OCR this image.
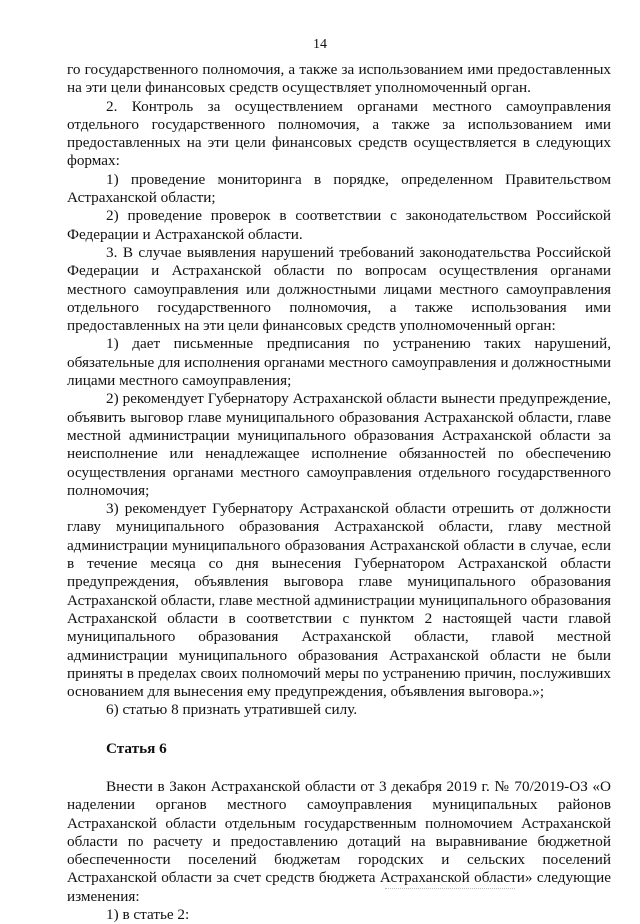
14

го государственного полномочия, а также за использованием ими предоставленных на эти цели финансовых средств осуществляет уполномоченный орган.

2. Контроль за осуществлением органами местного самоуправления отдельного государственного полномочия, а также за использованием ими предоставленных на эти цели финансовых средств осуществляется в следующих формах:

1) проведение мониторинга в порядке, определенном Правительством Астраханской области;

2) проведение проверок в соответствии с законодательством Российской Федерации и Астраханской области.

3. В случае выявления нарушений требований законодательства Российской Федерации и Астраханской области по вопросам осуществления органами местного самоуправления или должностными лицами местного самоуправления отдельного государственного полномочия, а также использования ими предоставленных на эти цели финансовых средств уполномоченный орган:

1) дает письменные предписания по устранению таких нарушений, обязательные для исполнения органами местного самоуправления и должностными лицами местного самоуправления;

2) рекомендует Губернатору Астраханской области вынести предупреждение, объявить выговор главе муниципального образования Астраханской области, главе местной администрации муниципального образования Астраханской области за неисполнение или ненадлежащее исполнение обязанностей по обеспечению осуществления органами местного самоуправления отдельного государственного полномочия;

3) рекомендует Губернатору Астраханской области отрешить от должности главу муниципального образования Астраханской области, главу местной администрации муниципального образования Астраханской области в случае, если в течение месяца со дня вынесения Губернатором Астраханской области предупреждения, объявления выговора главе муниципального образования Астраханской области, главе местной администрации муниципального образования Астраханской области в соответствии с пунктом 2 настоящей части главой муниципального образования Астраханской области, главой местной администрации муниципального образования Астраханской области не были приняты в пределах своих полномочий меры по устранению причин, послуживших основанием для вынесения ему предупреждения, объявления выговора.»;

6) статью 8 признать утратившей силу.

Статья 6

Внести в Закон Астраханской области от 3 декабря 2019 г. № 70/2019-ОЗ «О наделении органов местного самоуправления муниципальных районов Астраханской области отдельным государственным полномочием Астраханской области по расчету и предоставлению дотаций на выравнивание бюджетной обеспеченности поселений бюджетам городских и сельских поселений Астраханской области за счет средств бюджета Астраханской области» следующие изменения:

1) в статье 2:
